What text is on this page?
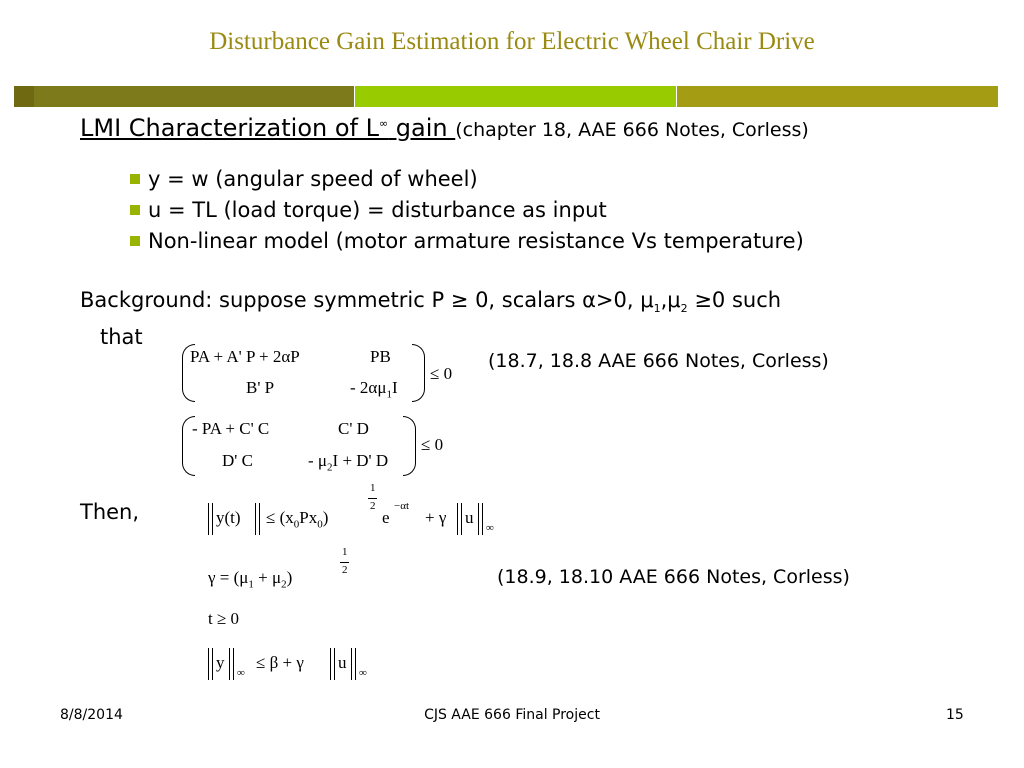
Disturbance Gain Estimation for Electric Wheel Chair Drive
LMI Characterization of L∞ gain (chapter 18, AAE 666 Notes, Corless)
y = w (angular speed of wheel)
u = TL (load torque) = disturbance as input
Non-linear model (motor armature resistance Vs temperature)
Background: suppose symmetric P ≥ 0, scalars α>0, $\mu_1,\mu_2 \ge 0$ such
that
PA + A' P + 2αP	PB
B' P	- $2\alpha\mu_1I$
≤ 0
(18.7, 18.8 AAE 666 Notes, Corless)
- PA + C' C	C' D
D' C	- $\mu_2I + D'$ D
≤ 0
Then,	‖ y(t) ‖ ≤ $(x_0Px_0)$
1
2
e
−αt
+ γ ‖ u ‖ ∞
$\gamma = (\mu_1 + \mu_2)$
1
2	(18.9, 18.10 AAE 666 Notes, Corless)
t ≥ 0
‖ y ‖ ∞
≤ β + γ ‖ u ‖ ∞
8/8/2014	CJS AAE 666 Final Project	15
